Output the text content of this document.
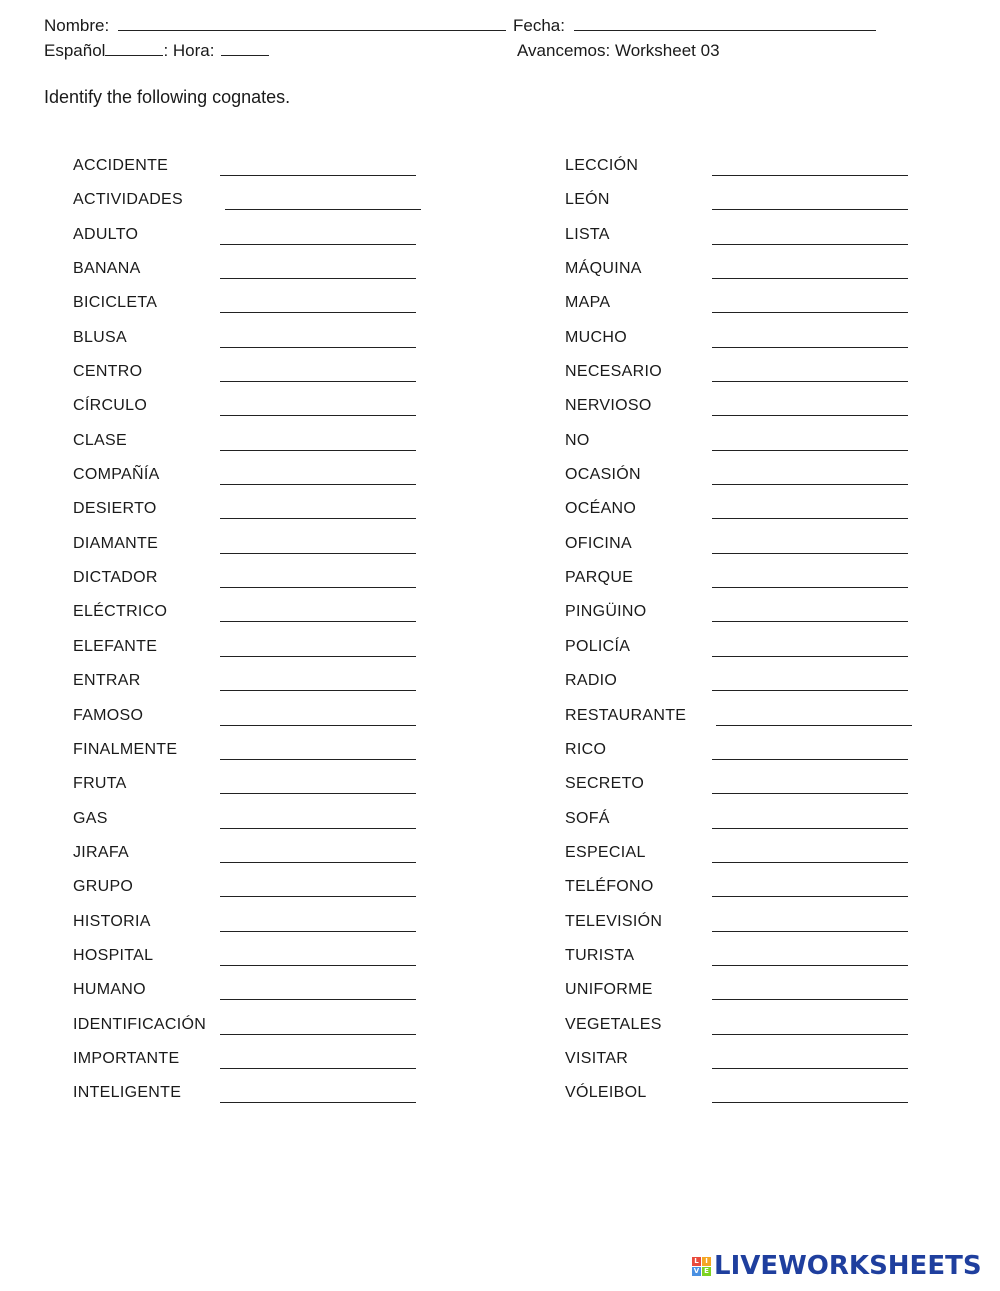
Nombre:	Fecha:
Español	: Hora:	Avancemos: Worksheet 03
Identify the following cognates.
ACCIDENTE
ACTIVIDADES
ADULTO
BANANA
BICICLETA
BLUSA
CENTRO
CÍRCULO
CLASE
COMPAÑÍA
DESIERTO
DIAMANTE
DICTADOR
ELÉCTRICO
ELEFANTE
ENTRAR
FAMOSO
FINALMENTE
FRUTA
GAS
JIRAFA
GRUPO
HISTORIA
HOSPITAL
HUMANO
IDENTIFICACIÓN
IMPORTANTE
INTELIGENTE
LECCIÓN
LEÓN
LISTA
MÁQUINA
MAPA
MUCHO
NECESARIO
NERVIOSO
NO
OCASIÓN
OCÉANO
OFICINA
PARQUE
PINGÜINO
POLICÍA
RADIO
RESTAURANTE
RICO
SECRETO
SOFÁ
ESPECIAL
TELÉFONO
TELEVISIÓN
TURISTA
UNIFORME
VEGETALES
VISITAR
VÓLEIBOL
L I
V E LIVEWORKSHEETS
